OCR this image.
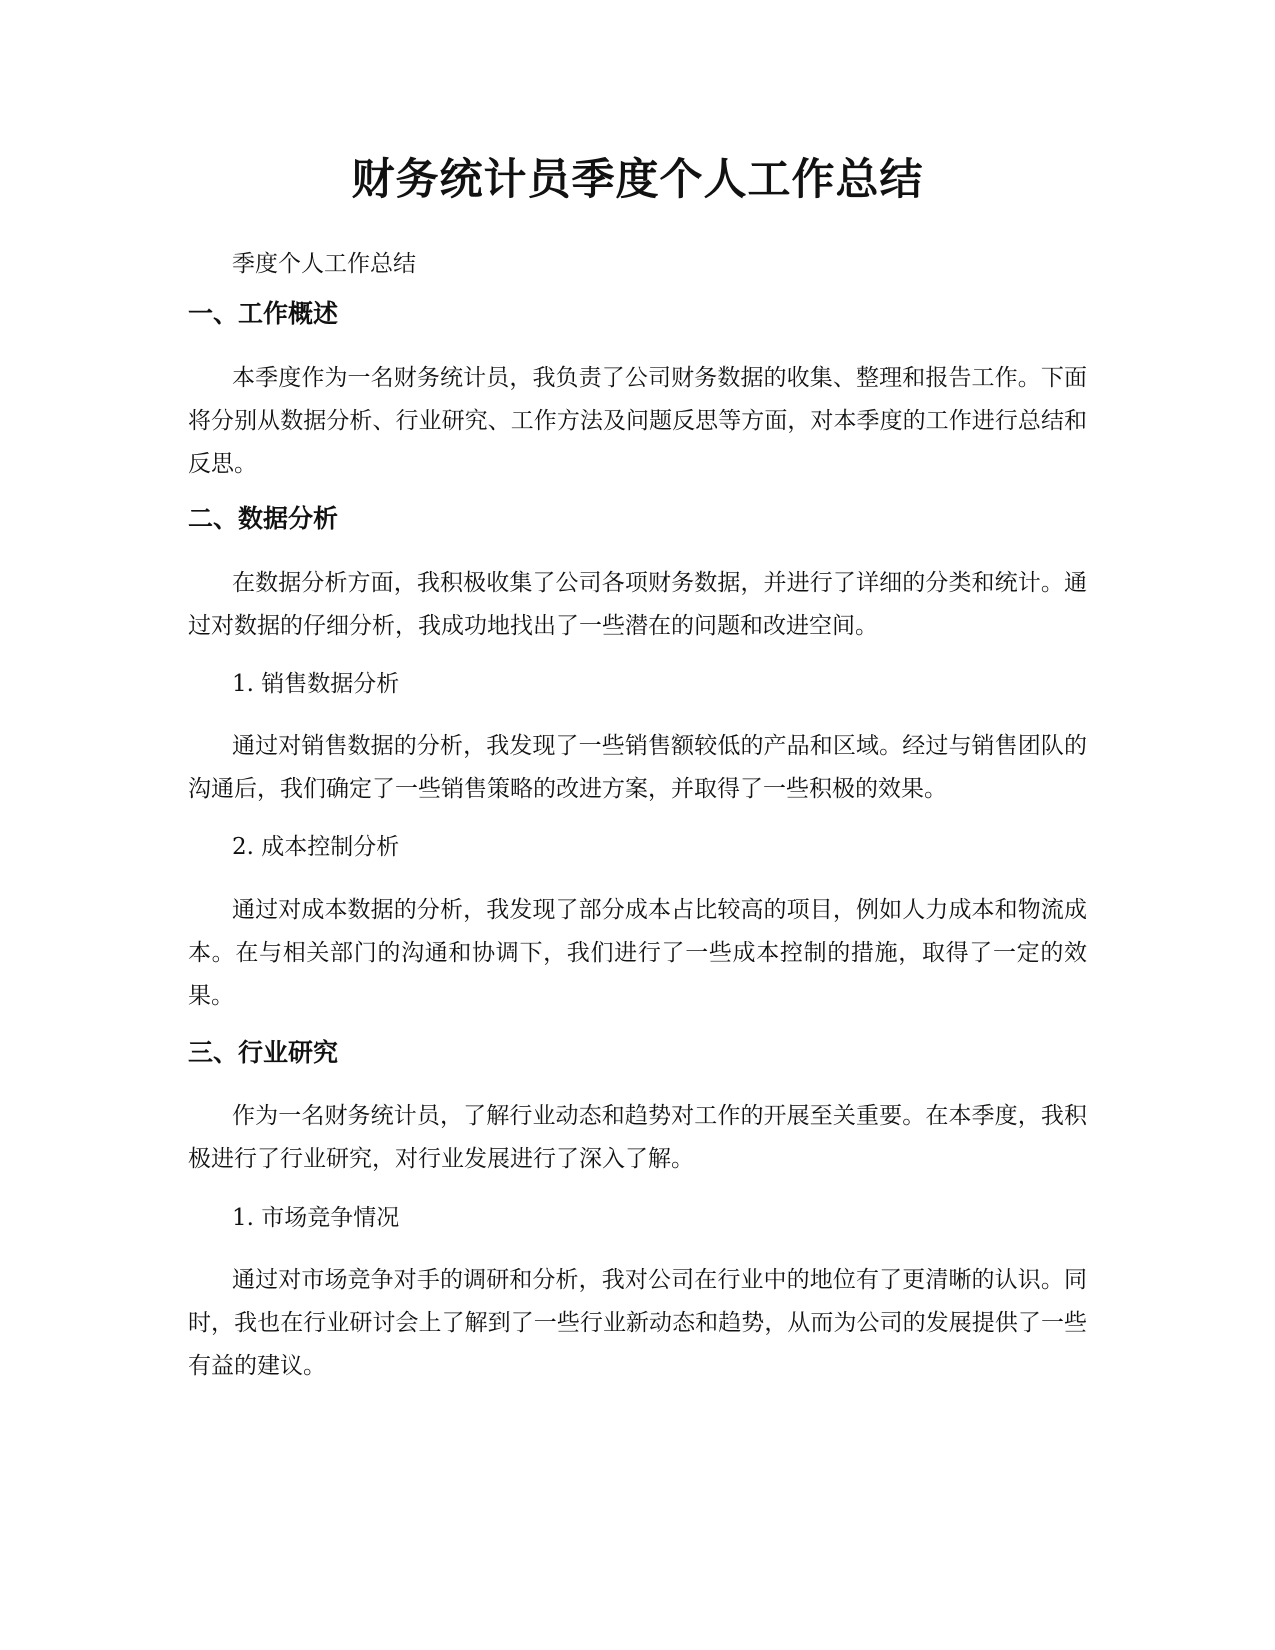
财务统计员季度个人工作总结

季度个人工作总结

一、工作概述

本季度作为一名财务统计员，我负责了公司财务数据的收集、整理和报告工作。下面将分别从数据分析、行业研究、工作方法及问题反思等方面，对本季度的工作进行总结和反思。

二、数据分析

在数据分析方面，我积极收集了公司各项财务数据，并进行了详细的分类和统计。通过对数据的仔细分析，我成功地找出了一些潜在的问题和改进空间。

1. 销售数据分析

通过对销售数据的分析，我发现了一些销售额较低的产品和区域。经过与销售团队的沟通后，我们确定了一些销售策略的改进方案，并取得了一些积极的效果。

2. 成本控制分析

通过对成本数据的分析，我发现了部分成本占比较高的项目，例如人力成本和物流成本。在与相关部门的沟通和协调下，我们进行了一些成本控制的措施，取得了一定的效果。

三、行业研究

作为一名财务统计员，了解行业动态和趋势对工作的开展至关重要。在本季度，我积极进行了行业研究，对行业发展进行了深入了解。

1. 市场竞争情况

通过对市场竞争对手的调研和分析，我对公司在行业中的地位有了更清晰的认识。同时，我也在行业研讨会上了解到了一些行业新动态和趋势，从而为公司的发展提供了一些有益的建议。
